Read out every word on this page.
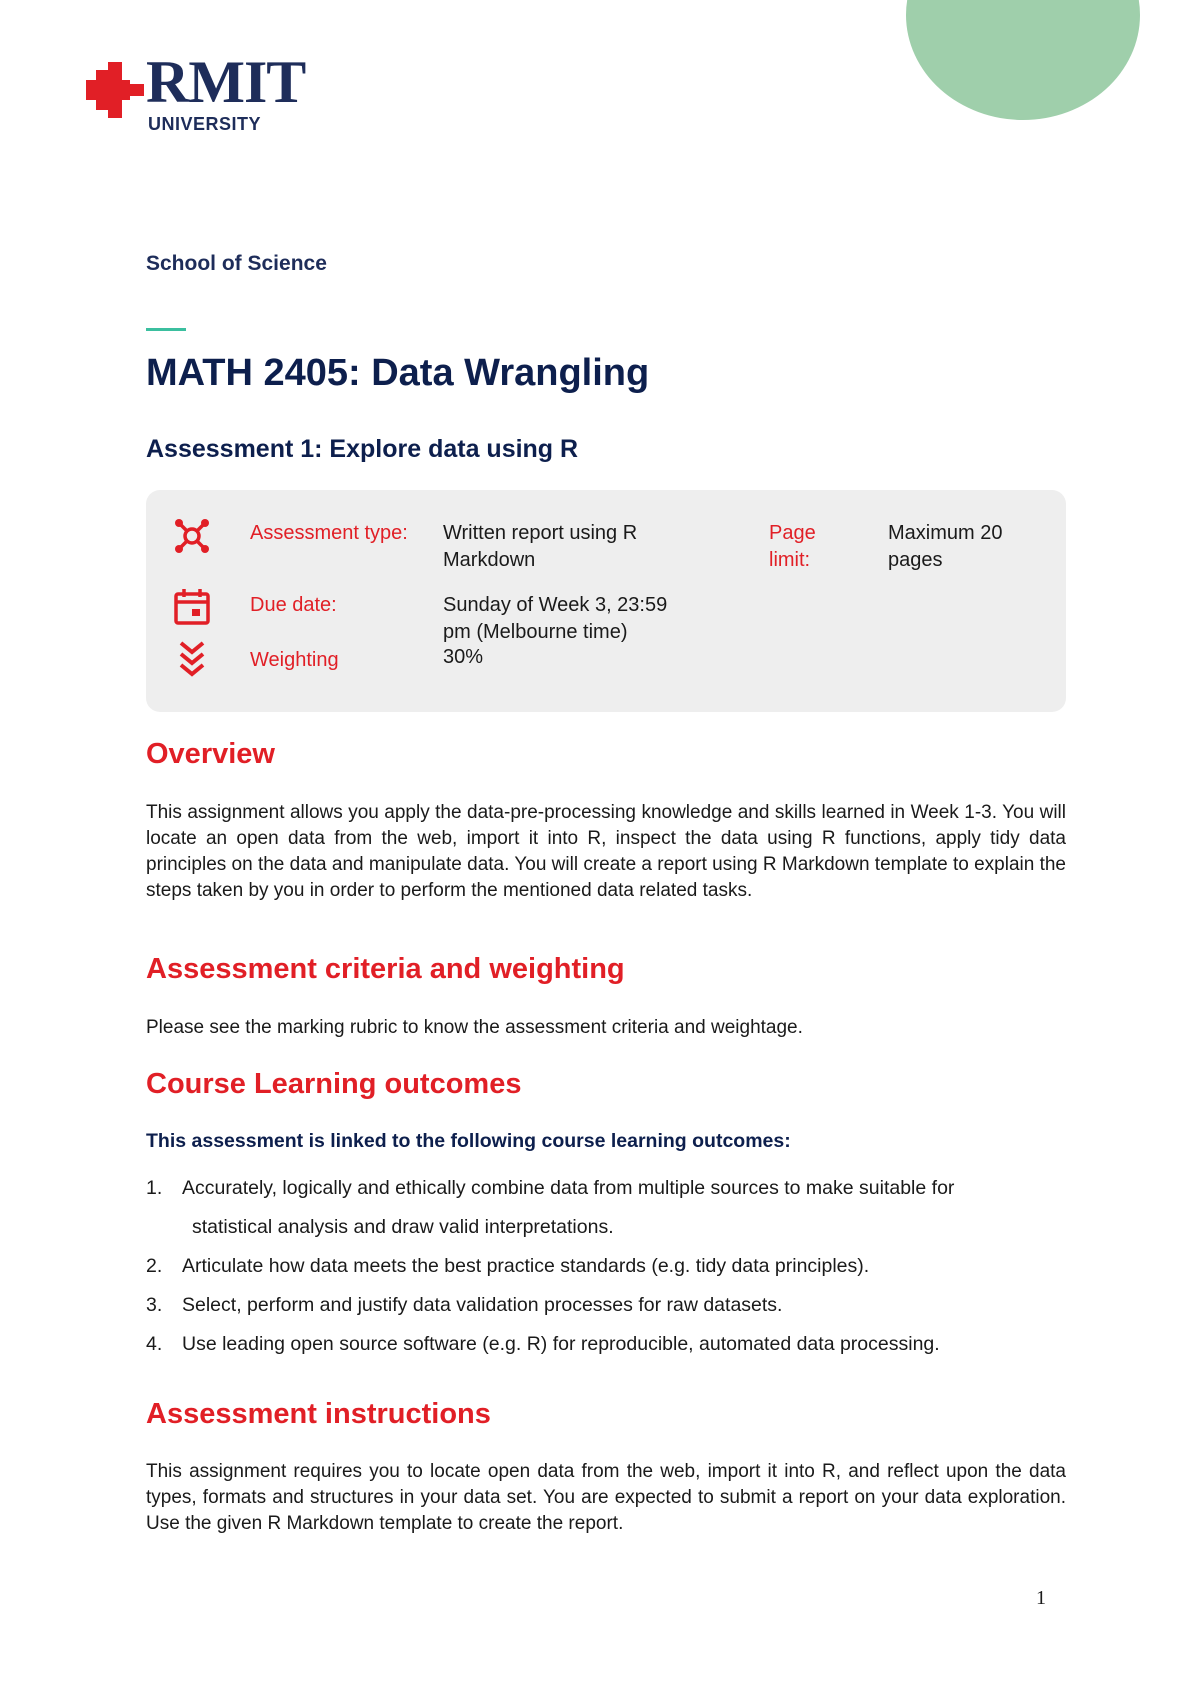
RMIT
UNIVERSITY
School of Science
MATH 2405: Data Wrangling
Assessment 1: Explore data using R
Assessment type: Written report using R
Markdown
Page
limit:
Maximum 20
pages
Due date:	Sunday of Week 3, 23:59
pm (Melbourne time)
Weighting	30%
Overview
This assignment allows you apply the data-pre-processing knowledge and skills learned in Week 1-3. You will locate an open data from the web, import it into R, inspect the data using R functions, apply tidy data principles on the data and manipulate data. You will create a report using R Markdown template to explain the steps taken by you in order to perform the mentioned data related tasks.
Assessment criteria and weighting
Please see the marking rubric to know the assessment criteria and weightage.
Course Learning outcomes
This assessment is linked to the following course learning outcomes:
1. Accurately, logically and ethically combine data from multiple sources to make suitable for
statistical analysis and draw valid interpretations.
2. Articulate how data meets the best practice standards (e.g. tidy data principles).
3. Select, perform and justify data validation processes for raw datasets.
4. Use leading open source software (e.g. R) for reproducible, automated data processing.
Assessment instructions
This assignment requires you to locate open data from the web, import it into R, and reflect upon the data types, formats and structures in your data set. You are expected to submit a report on your data exploration. Use the given R Markdown template to create the report.
1
